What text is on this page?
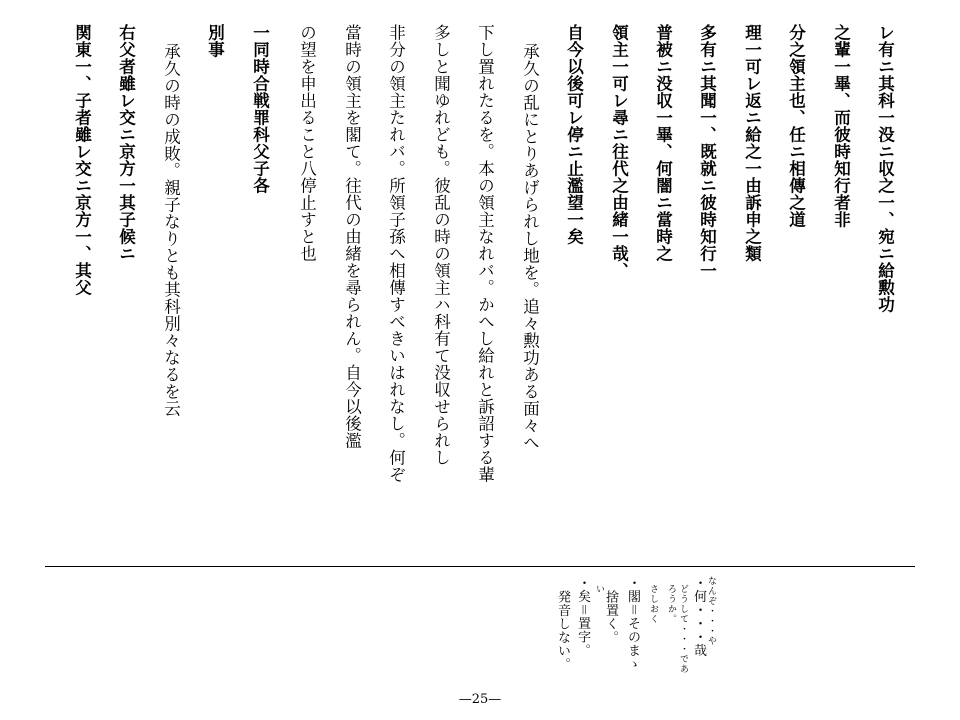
レ有ニ其科一没ニ収之一、宛ニ給勲功
之輩一畢、而彼時知行者非
分之領主也、任ニ相傳之道
理一可レ返ニ給之一由訴申之類
多有ニ其聞一、既就ニ彼時知行一
普被ニ没収一畢、何闇ニ當時之
領主一可レ尋ニ往代之由緒一哉、
自今以後可レ停ニ止濫望一矣
承久の乱にとりあげられし地を。追々勲功ある面々へ
下し置れたるを。本の領主なれバ。かへし給れと訴詔する輩
多しと聞ゆれども。彼乱の時の領主ハ科有て没収せられし
非分の領主たれバ。所領子孫へ相傳すべきいはれなし。何ぞ
當時の領主を閣て。往代の由緒を尋られん。自今以後濫
の望を申出ること八停止すと也
一同時合戦罪科父子各
別事
承久の時の成敗。親子なりとも其科別々なるを云
右父者雖レ交ニ京方一其子候ニ
関東一、子者雖レ交ニ京方一、其父
なんぞ・・・や
・何・・・哉
どうして・・・であ
ろうか。
さしおく
・閣＝そのまゝ
捨置く。
い
・矣＝置字。
発音しない。
—25—
